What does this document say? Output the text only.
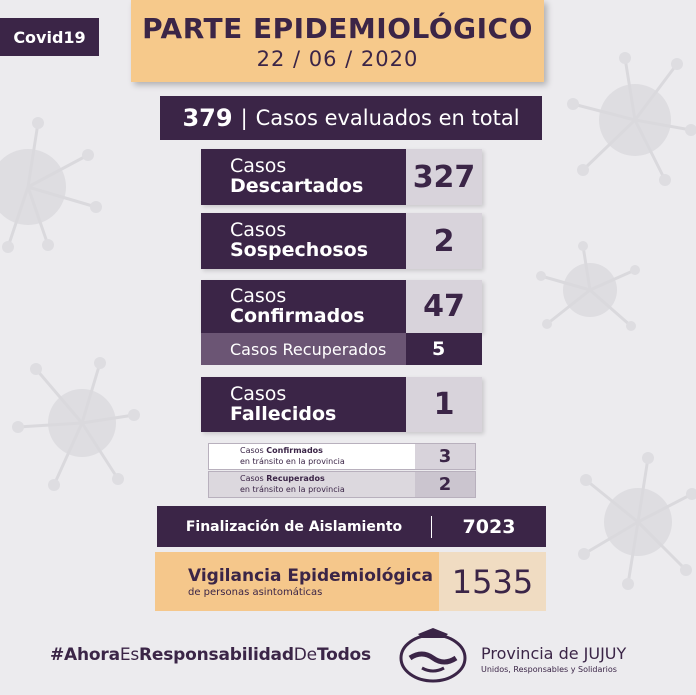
Covid19	PARTE EPIDEMIOLÓGICO
22 / 06 / 2020
379 | Casos evaluados en total
Casos
Descartados	327
Casos
Sospechosos	2
Casos
Confirmados	47
Casos Recuperados	5
Casos
Fallecidos	1
Casos Confirmados
en tránsito en la provincia	3
Casos Recuperados
en tránsito en la provincia	2
Finalización de Aislamiento	7023
Vigilancia Epidemiológica
de personas asintomáticas	1535
#AhoraEsResponsabilidadDeTodos	Provincia de JUJUY
Unidos, Responsables y Solidarios
